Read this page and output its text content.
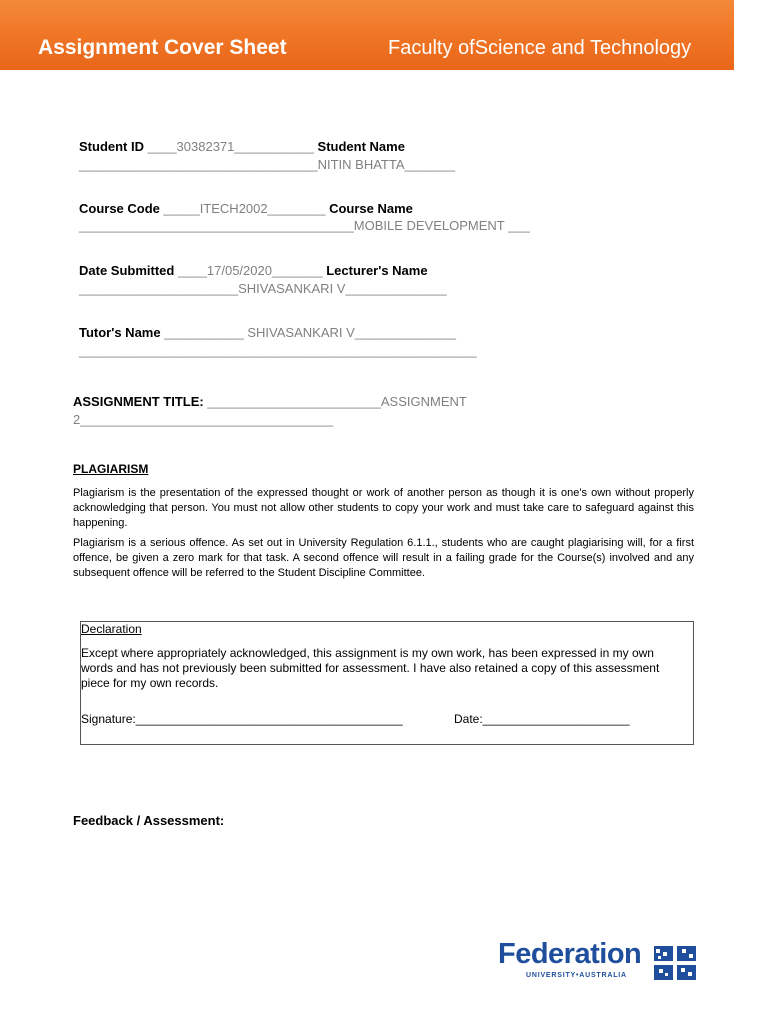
Assignment Cover Sheet	Faculty ofScience and Technology
Student ID ____30382371___________ Student Name
_________________________________NITIN BHATTA_______
Course Code _____ITECH2002________ Course Name
______________________________________MOBILE DEVELOPMENT ___
Date Submitted ____17/05/2020_______ Lecturer's Name
______________________SHIVASANKARI V______________
Tutor's Name ___________ SHIVASANKARI V______________
_______________________________________________________
ASSIGNMENT TITLE: ________________________ASSIGNMENT
2___________________________________
PLAGIARISM
Plagiarism is the presentation of the expressed thought or work of another person as though it is one's own without properly acknowledging that person. You must not allow other students to copy your work and must take care to safeguard against this happening.
Plagiarism is a serious offence. As set out in University Regulation 6.1.1., students who are caught plagiarising will, for a first offence, be given a zero mark for that task. A second offence will result in a failing grade for the Course(s) involved and any subsequent offence will be referred to the Student Discipline Committee.
Declaration
Except where appropriately acknowledged, this assignment is my own work, has been expressed in my own words and has not previously been submitted for assessment. I have also retained a copy of this assessment piece for my own records.
Signature:________________________________________	Date:______________________
Feedback / Assessment:
Federation
UNIVERSITY•AUSTRALIA
